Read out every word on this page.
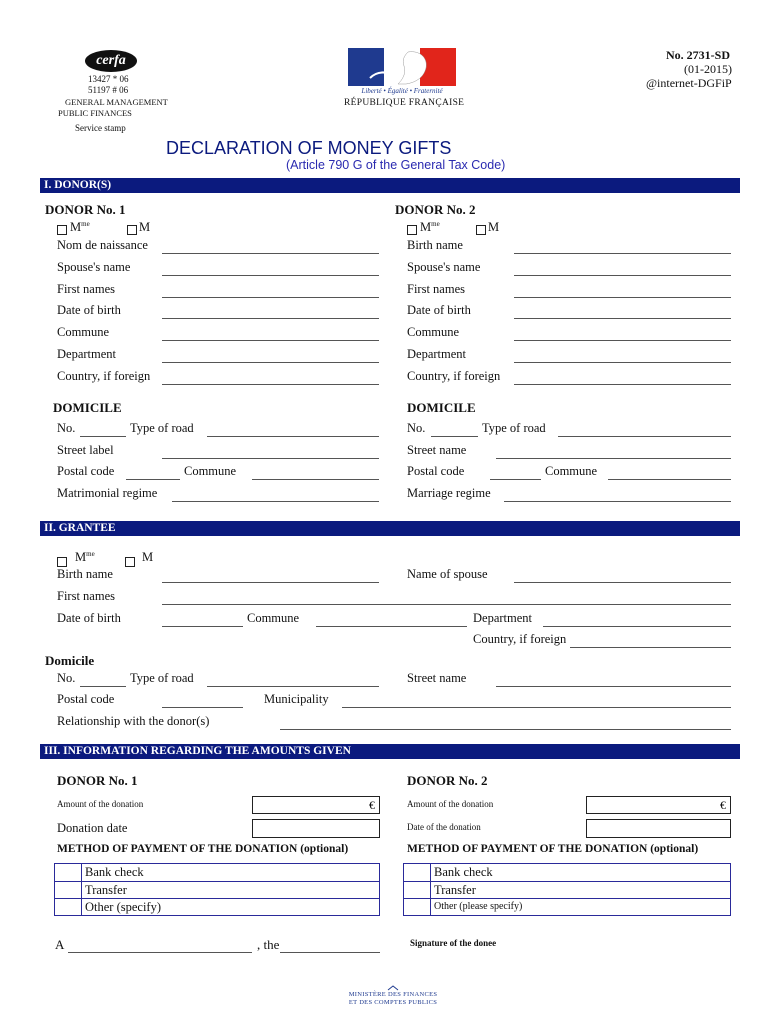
cerfa
13427 * 06
51197 # 06
GENERAL MANAGEMENT
PUBLIC FINANCES
Service stamp
Liberté • Égalité • Fraternité
RÉPUBLIQUE FRANÇAISE
No. 2731-SD
(01-2015)
@internet-DGFiP
DECLARATION OF MONEY GIFTS
(Article 790 G of the General Tax Code)
I. DONOR(S)
DONOR No. 1
$M^{me}$	M
Nom de naissance
Spouse's name
First names
Date of birth
Commune
Department
Country, if foreign
DOMICILE
No.	Type of road
Street label
Postal code	Commune
Matrimonial regime
DONOR No. 2
$M^{me}$	M
Birth name
Spouse's name
First names
Date of birth
Commune
Department
Country, if foreign
DOMICILE
No.	Type of road
Street name
Postal code	Commune
Marriage regime
II. GRANTEE
$M^{me}$	M
Birth name	Name of spouse
First names
Date of birth	Commune	Department
Country, if foreign
Domicile
No.	Type of road	Street name
Postal code	Municipality
Relationship with the donor(s)
III. INFORMATION REGARDING THE AMOUNTS GIVEN
DONOR No. 1
Amount of the donation	€
Donation date
METHOD OF PAYMENT OF THE DONATION (optional)
Bank check
Transfer
Other (specify)
DONOR No. 2
Amount of the donation	€
Date of the donation
METHOD OF PAYMENT OF THE DONATION (optional)
Bank check
Transfer
Other (please specify)
A	, the	Signature of the donee
MINISTÈRE DES FINANCES
ET DES COMPTES PUBLICS
